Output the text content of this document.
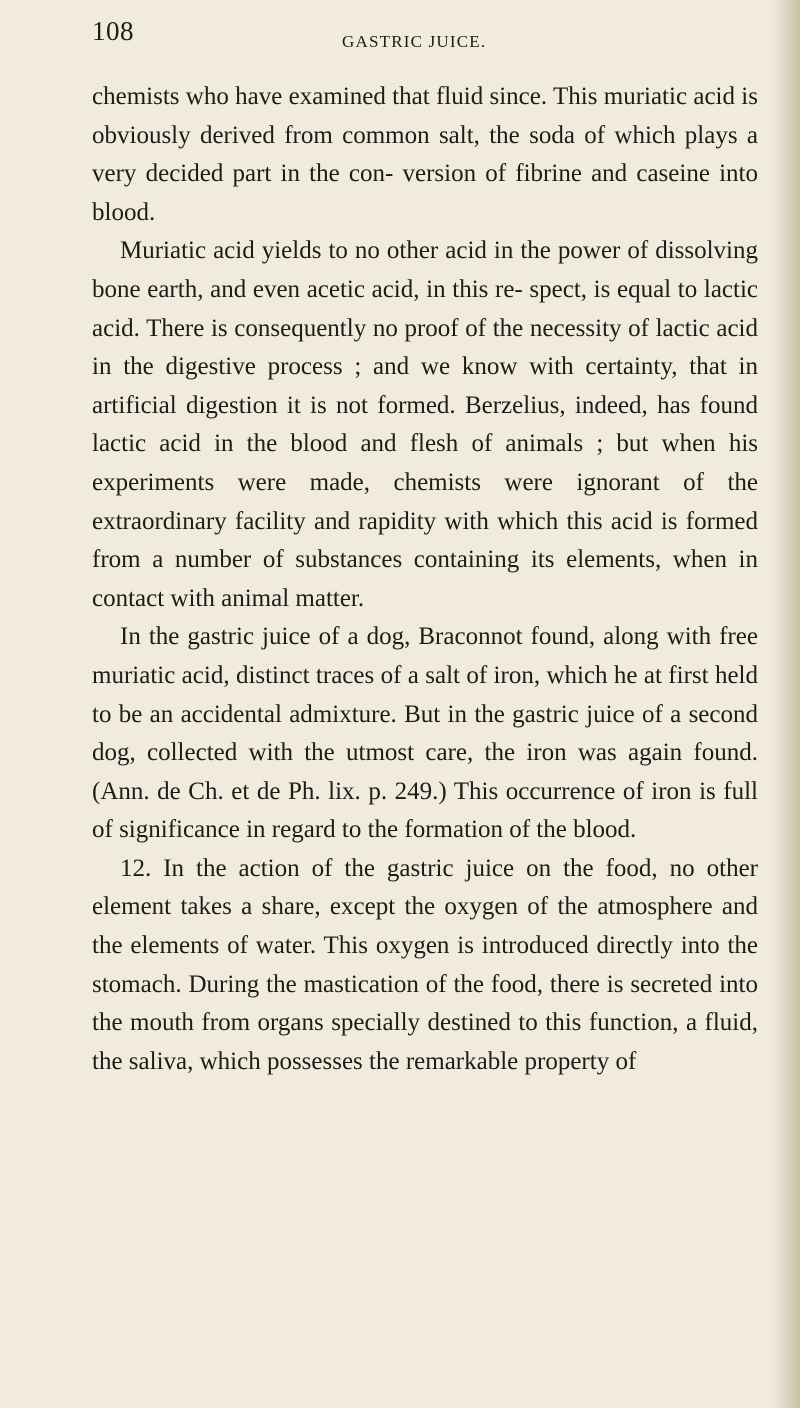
108	GASTRIC JUICE.

chemists who have examined that fluid since. This muriatic acid is obviously derived from common salt, the soda of which plays a very decided part in the con- version of fibrine and caseine into blood.

Muriatic acid yields to no other acid in the power of dissolving bone earth, and even acetic acid, in this re- spect, is equal to lactic acid. There is consequently no proof of the necessity of lactic acid in the digestive process ; and we know with certainty, that in artificial digestion it is not formed. Berzelius, indeed, has found lactic acid in the blood and flesh of animals ; but when his experiments were made, chemists were ignorant of the extraordinary facility and rapidity with which this acid is formed from a number of substances containing its elements, when in contact with animal matter.

In the gastric juice of a dog, Braconnot found, along with free muriatic acid, distinct traces of a salt of iron, which he at first held to be an accidental admixture. But in the gastric juice of a second dog, collected with the utmost care, the iron was again found. (Ann. de Ch. et de Ph. lix. p. 249.) This occurrence of iron is full of significance in regard to the formation of the blood.

12. In the action of the gastric juice on the food, no other element takes a share, except the oxygen of the atmosphere and the elements of water. This oxygen is introduced directly into the stomach. During the mastication of the food, there is secreted into the mouth from organs specially destined to this function, a fluid, the saliva, which possesses the remarkable property of
